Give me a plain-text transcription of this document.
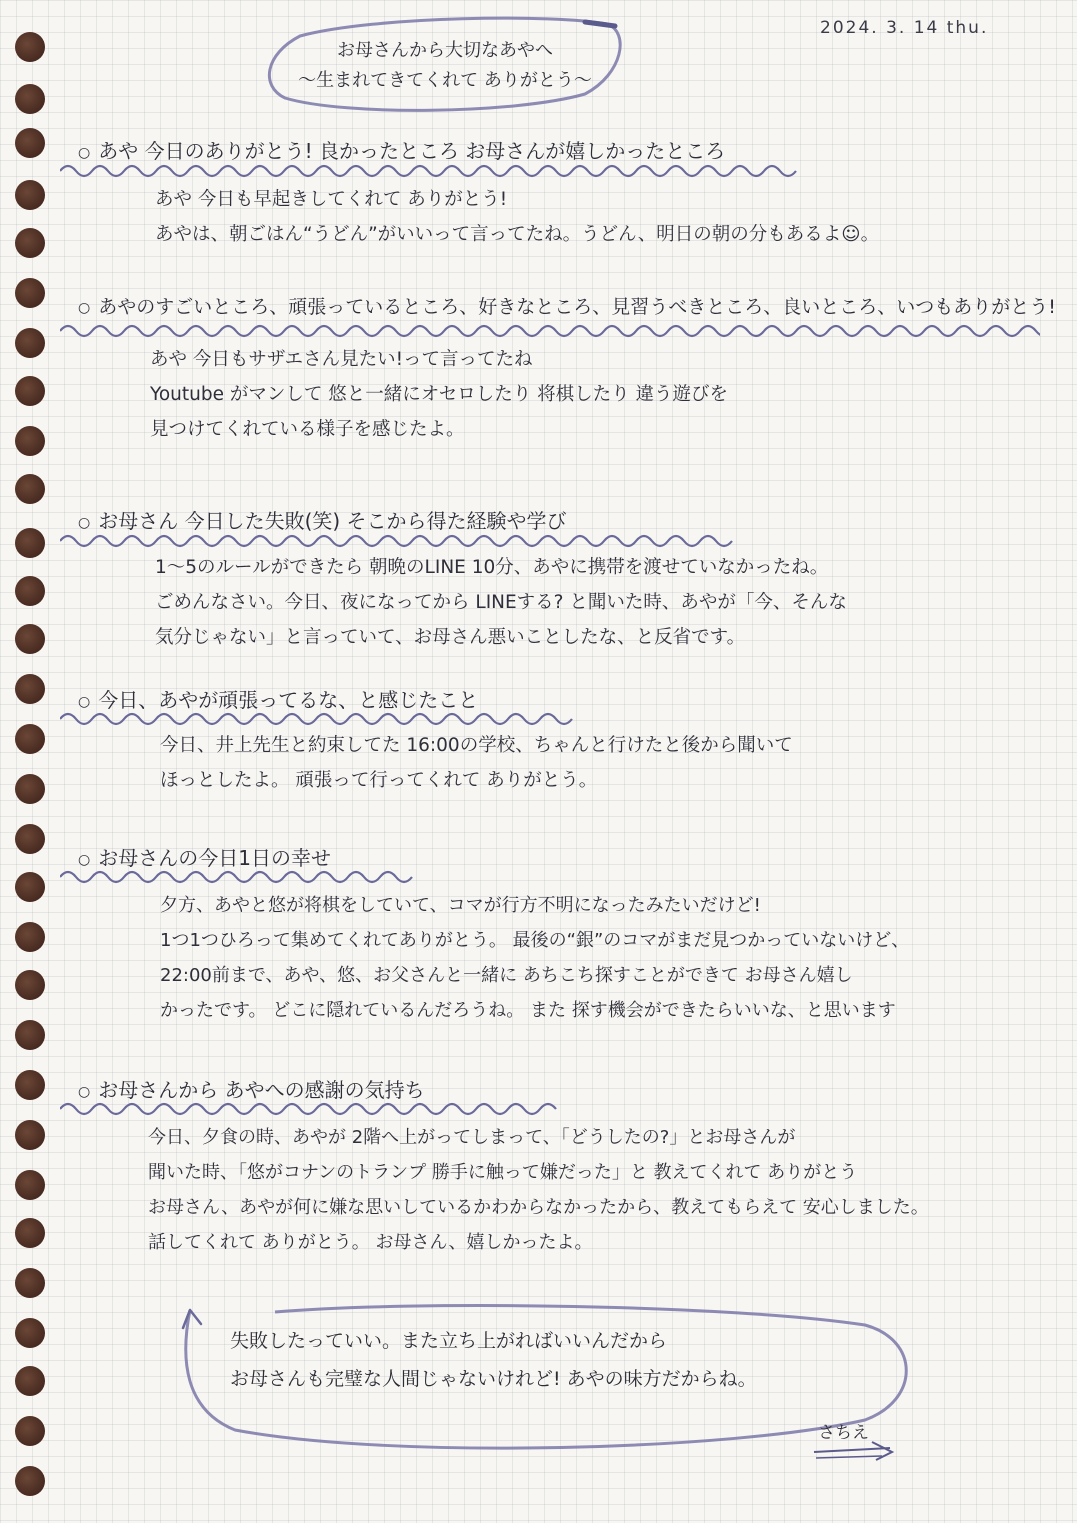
2024. 3. 14 thu.
お母さんから大切なあやへ
〜生まれてきてくれて ありがとう〜
○ あや 今日のありがとう! 良かったところ お母さんが嬉しかったところ
あや 今日も早起きしてくれて ありがとう!
あやは、朝ごはん“うどん”がいいって言ってたね。うどん、明日の朝の分もあるよ☺。
○ あやのすごいところ、頑張っているところ、好きなところ、見習うべきところ、良いところ、いつもありがとう!
あや 今日もサザエさん見たい!って言ってたね
Youtube がマンして 悠と一緒にオセロしたり 将棋したり 違う遊びを
見つけてくれている様子を感じたよ。
○ お母さん 今日した失敗(笑) そこから得た経験や学び
1〜5のルールができたら 朝晩のLINE 10分、あやに携帯を渡せていなかったね。
ごめんなさい。今日、夜になってから LINEする? と聞いた時、あやが「今、そんな
気分じゃない」と言っていて、お母さん悪いことしたな、と反省です。
○ 今日、あやが頑張ってるな、と感じたこと
今日、井上先生と約束してた 16:00の学校、ちゃんと行けたと後から聞いて
ほっとしたよ。 頑張って行ってくれて ありがとう。
○ お母さんの今日1日の幸せ
夕方、あやと悠が将棋をしていて、コマが行方不明になったみたいだけど!
1つ1つひろって集めてくれてありがとう。 最後の“銀”のコマがまだ見つかっていないけど、
22:00前まで、あや、悠、お父さんと一緒に あちこち探すことができて お母さん嬉し
かったです。 どこに隠れているんだろうね。 また 探す機会ができたらいいな、と思います
○ お母さんから あやへの感謝の気持ち
今日、夕食の時、あやが 2階へ上がってしまって、「どうしたの?」とお母さんが
聞いた時、「悠がコナンのトランプ 勝手に触って嫌だった」と 教えてくれて ありがとう
お母さん、あやが何に嫌な思いしているかわからなかったから、教えてもらえて 安心しました。
話してくれて ありがとう。 お母さん、嬉しかったよ。
失敗したっていい。また立ち上がればいいんだから
お母さんも完璧な人間じゃないけれど! あやの味方だからね。
さちえ
